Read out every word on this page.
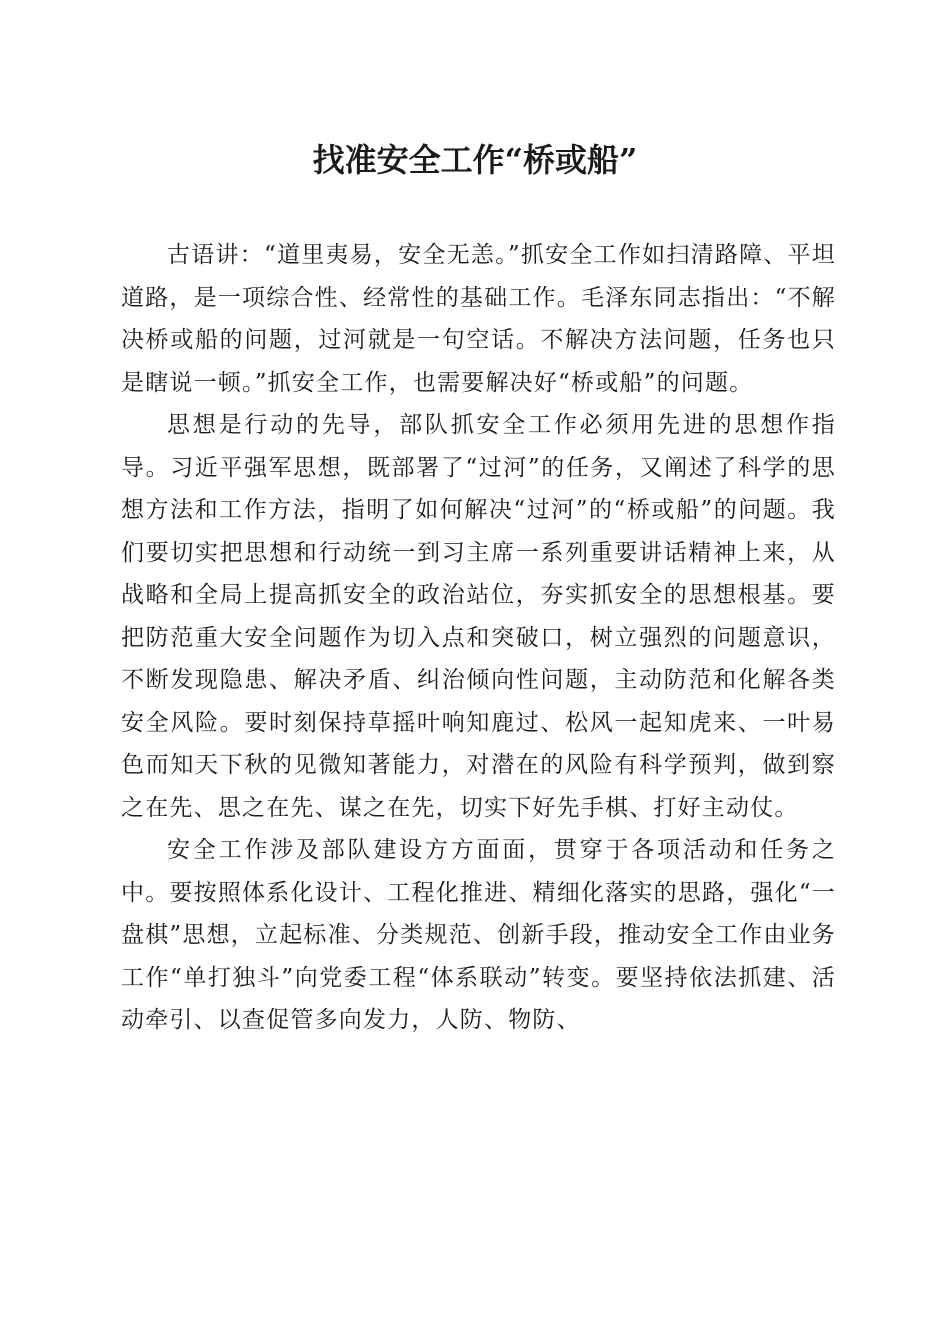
找准安全工作“桥或船”

古语讲：“道里夷易，安全无恙。”抓安全工作如扫清路障、平坦道路，是一项综合性、经常性的基础工作。毛泽东同志指出：“不解决桥或船的问题，过河就是一句空话。不解决方法问题，任务也只是瞎说一顿。”抓安全工作，也需要解决好“桥或船”的问题。

思想是行动的先导，部队抓安全工作必须用先进的思想作指导。习近平强军思想，既部署了“过河”的任务，又阐述了科学的思想方法和工作方法，指明了如何解决“过河”的“桥或船”的问题。我们要切实把思想和行动统一到习主席一系列重要讲话精神上来，从战略和全局上提高抓安全的政治站位，夯实抓安全的思想根基。要把防范重大安全问题作为切入点和突破口，树立强烈的问题意识，不断发现隐患、解决矛盾、纠治倾向性问题，主动防范和化解各类安全风险。要时刻保持草摇叶响知鹿过、松风一起知虎来、一叶易色而知天下秋的见微知著能力，对潜在的风险有科学预判，做到察之在先、思之在先、谋之在先，切实下好先手棋、打好主动仗。

安全工作涉及部队建设方方面面，贯穿于各项活动和任务之中。要按照体系化设计、工程化推进、精细化落实的思路，强化“一盘棋”思想，立起标准、分类规范、创新手段，推动安全工作由业务工作“单打独斗”向党委工程“体系联动”转变。要坚持依法抓建、活动牵引、以查促管多向发力，人防、物防、
